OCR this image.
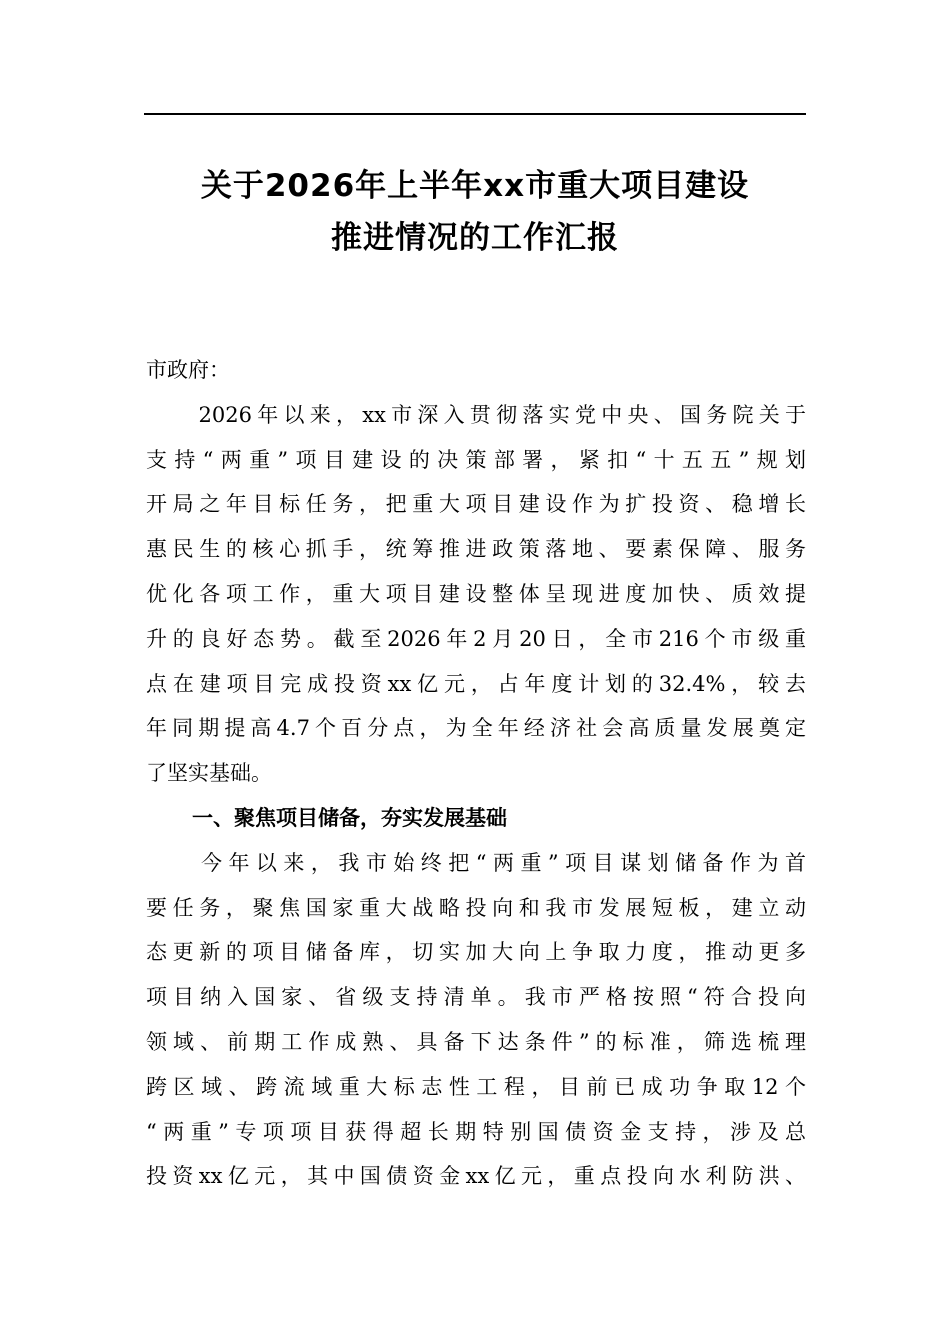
关于2026年上半年xx市重大项目建设
推进情况的工作汇报

市政府：

　　2026年以来，xx市深入贯彻落实党中央、国务院关于
支持“两重”项目建设的决策部署，紧扣“十五五”规划
开局之年目标任务，把重大项目建设作为扩投资、稳增长
惠民生的核心抓手，统筹推进政策落地、要素保障、服务
优化各项工作，重大项目建设整体呈现进度加快、质效提
升的良好态势。截至2026年2月20日，全市216个市级重
点在建项目完成投资xx亿元，占年度计划的32.4%，较去
年同期提高4.7个百分点，为全年经济社会高质量发展奠定
了坚实基础。

一、聚焦项目储备，夯实发展基础

　　今年以来，我市始终把“两重”项目谋划储备作为首
要任务，聚焦国家重大战略投向和我市发展短板，建立动
态更新的项目储备库，切实加大向上争取力度，推动更多
项目纳入国家、省级支持清单。我市严格按照“符合投向
领域、前期工作成熟、具备下达条件”的标准，筛选梳理
跨区域、跨流域重大标志性工程，目前已成功争取12个
“两重”专项项目获得超长期特别国债资金支持，涉及总
投资xx亿元，其中国债资金xx亿元，重点投向水利防洪、
